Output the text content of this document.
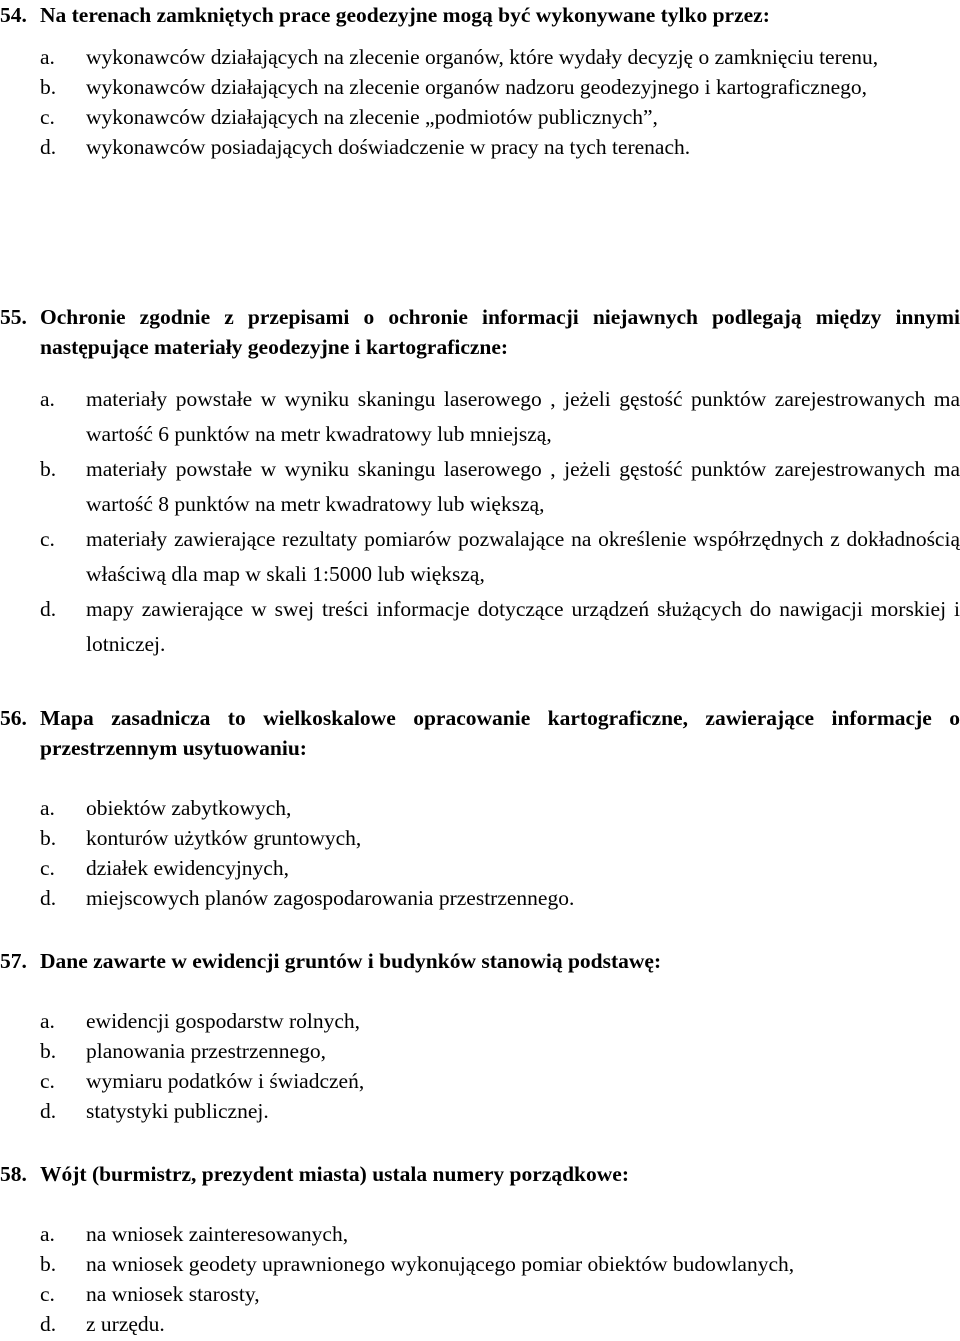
54. Na terenach zamkniętych prace geodezyjne mogą być wykonywane tylko przez:
a.	wykonawców działających na zlecenie organów, które wydały decyzję o zamknięciu terenu,
b.	wykonawców działających na zlecenie organów nadzoru geodezyjnego i kartograficznego,
c.	wykonawców działających na zlecenie „podmiotów publicznych”,
d.	wykonawców posiadających doświadczenie w pracy na tych terenach.
55. Ochronie zgodnie z przepisami o ochronie informacji niejawnych podlegają między innymi następujące materiały geodezyjne i kartograficzne:
a.	materiały powstałe w wyniku skaningu laserowego , jeżeli gęstość punktów zarejestrowanych ma wartość 6 punktów na metr kwadratowy lub mniejszą,
b.	materiały powstałe w wyniku skaningu laserowego , jeżeli gęstość punktów zarejestrowanych ma wartość 8 punktów na metr kwadratowy lub większą,
c.	materiały zawierające rezultaty pomiarów pozwalające na określenie współrzędnych z dokładnością właściwą dla map w skali 1:5000 lub większą,
d.	mapy zawierające w swej treści informacje dotyczące urządzeń służących do nawigacji morskiej i lotniczej.
56. Mapa zasadnicza to wielkoskalowe opracowanie kartograficzne, zawierające informacje o przestrzennym usytuowaniu:
a.	obiektów zabytkowych,
b.	konturów użytków gruntowych,
c.	działek ewidencyjnych,
d.	miejscowych planów zagospodarowania przestrzennego.
57. Dane zawarte w ewidencji gruntów i budynków stanowią podstawę:
a.	ewidencji gospodarstw rolnych,
b.	planowania przestrzennego,
c.	wymiaru podatków i świadczeń,
d.	statystyki publicznej.
58. Wójt (burmistrz, prezydent miasta) ustala numery porządkowe:
a.	na wniosek zainteresowanych,
b.	na wniosek geodety uprawnionego wykonującego pomiar obiektów budowlanych,
c.	na wniosek starosty,
d.	z urzędu.
